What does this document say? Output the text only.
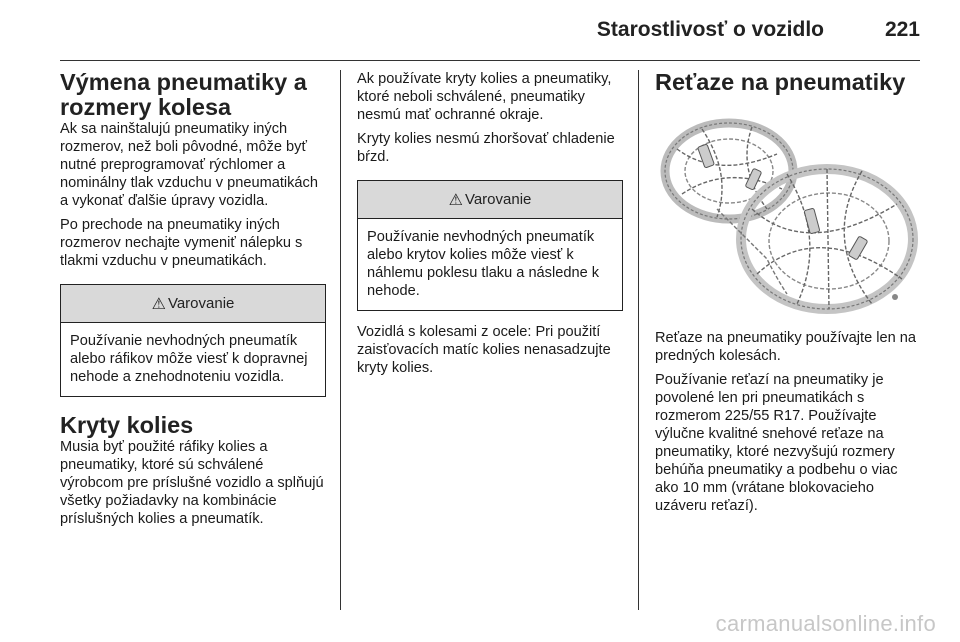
Starostlivosť o vozidlo	221
Výmena pneumatiky a rozmery kolesa

Ak sa nainštalujú pneumatiky iných rozmerov, než boli pôvodné, môže byť nutné preprogramovať rýchlomer a nominálny tlak vzduchu v pneumatikách a vykonať ďalšie úpravy vozidla.

Po prechode na pneumatiky iných rozmerov nechajte vymeniť nálepku s tlakmi vzduchu v pneumatikách.

⚠ Varovanie
Používanie nevhodných pneumatík alebo ráfikov môže viesť k dopravnej nehode a znehodnoteniu vozidla.
Kryty kolies

Musia byť použité ráfiky kolies a pneumatiky, ktoré sú schválené výrobcom pre príslušné vozidlo a splňujú všetky požiadavky na kombinácie príslušných kolies a pneumatík.

Ak používate kryty kolies a pneumatiky, ktoré neboli schválené, pneumatiky nesmú mať ochranné okraje.

Kryty kolies nesmú zhoršovať chladenie bŕzd.

⚠ Varovanie
Používanie nevhodných pneumatík alebo krytov kolies môže viesť k náhlemu poklesu tlaku a následne k nehode.

Vozidlá s kolesami z ocele: Pri použití zaisťovacích matíc kolies nenasadzujte kryty kolies.

Reťaze na pneumatiky

Reťaze na pneumatiky používajte len na predných kolesách.

Používanie reťazí na pneumatiky je povolené len pri pneumatikách s rozmerom 225/55 R17. Používajte výlučne kvalitné snehové reťaze na pneumatiky, ktoré nezvyšujú rozmery behúňa pneumatiky a podbehu o viac ako 10 mm (vrátane blokovacieho uzáveru reťazí).

carmanualsonline.info
